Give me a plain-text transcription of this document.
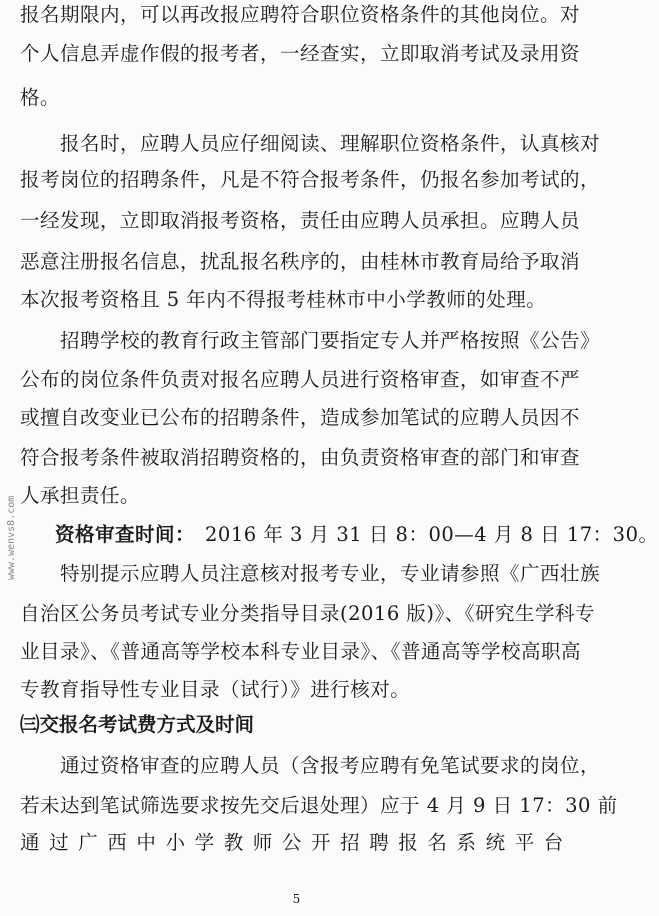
报名期限内，可以再改报应聘符合职位资格条件的其他岗位。对
个人信息弄虚作假的报考者，一经查实，立即取消考试及录用资
格。
报名时，应聘人员应仔细阅读、理解职位资格条件，认真核对
报考岗位的招聘条件，凡是不符合报考条件，仍报名参加考试的，
一经发现，立即取消报考资格，责任由应聘人员承担。应聘人员
恶意注册报名信息，扰乱报名秩序的，由桂林市教育局给予取消
本次报考资格且 5 年内不得报考桂林市中小学教师的处理。
招聘学校的教育行政主管部门要指定专人并严格按照《公告》
公布的岗位条件负责对报名应聘人员进行资格审查，如审查不严
或擅自改变业已公布的招聘条件，造成参加笔试的应聘人员因不
符合报考条件被取消招聘资格的，由负责资格审查的部门和审查
人承担责任。
资格审查时间： 2016 年 3 月 31 日 8：00—4 月 8 日 17：30。
特别提示应聘人员注意核对报考专业，专业请参照《广西壮族
自治区公务员考试专业分类指导目录(2016 版)》、《研究生学科专
业目录》、《普通高等学校本科专业目录》、《普通高等学校高职高
专教育指导性专业目录（试行）》进行核对。
㈢交报名考试费方式及时间
通过资格审查的应聘人员（含报考应聘有免笔试要求的岗位，
若未达到笔试筛选要求按先交后退处理）应于 4 月 9 日 17：30 前
通过广西中小学教师公开招聘报名系统平台
www.wenvs8.com
5
